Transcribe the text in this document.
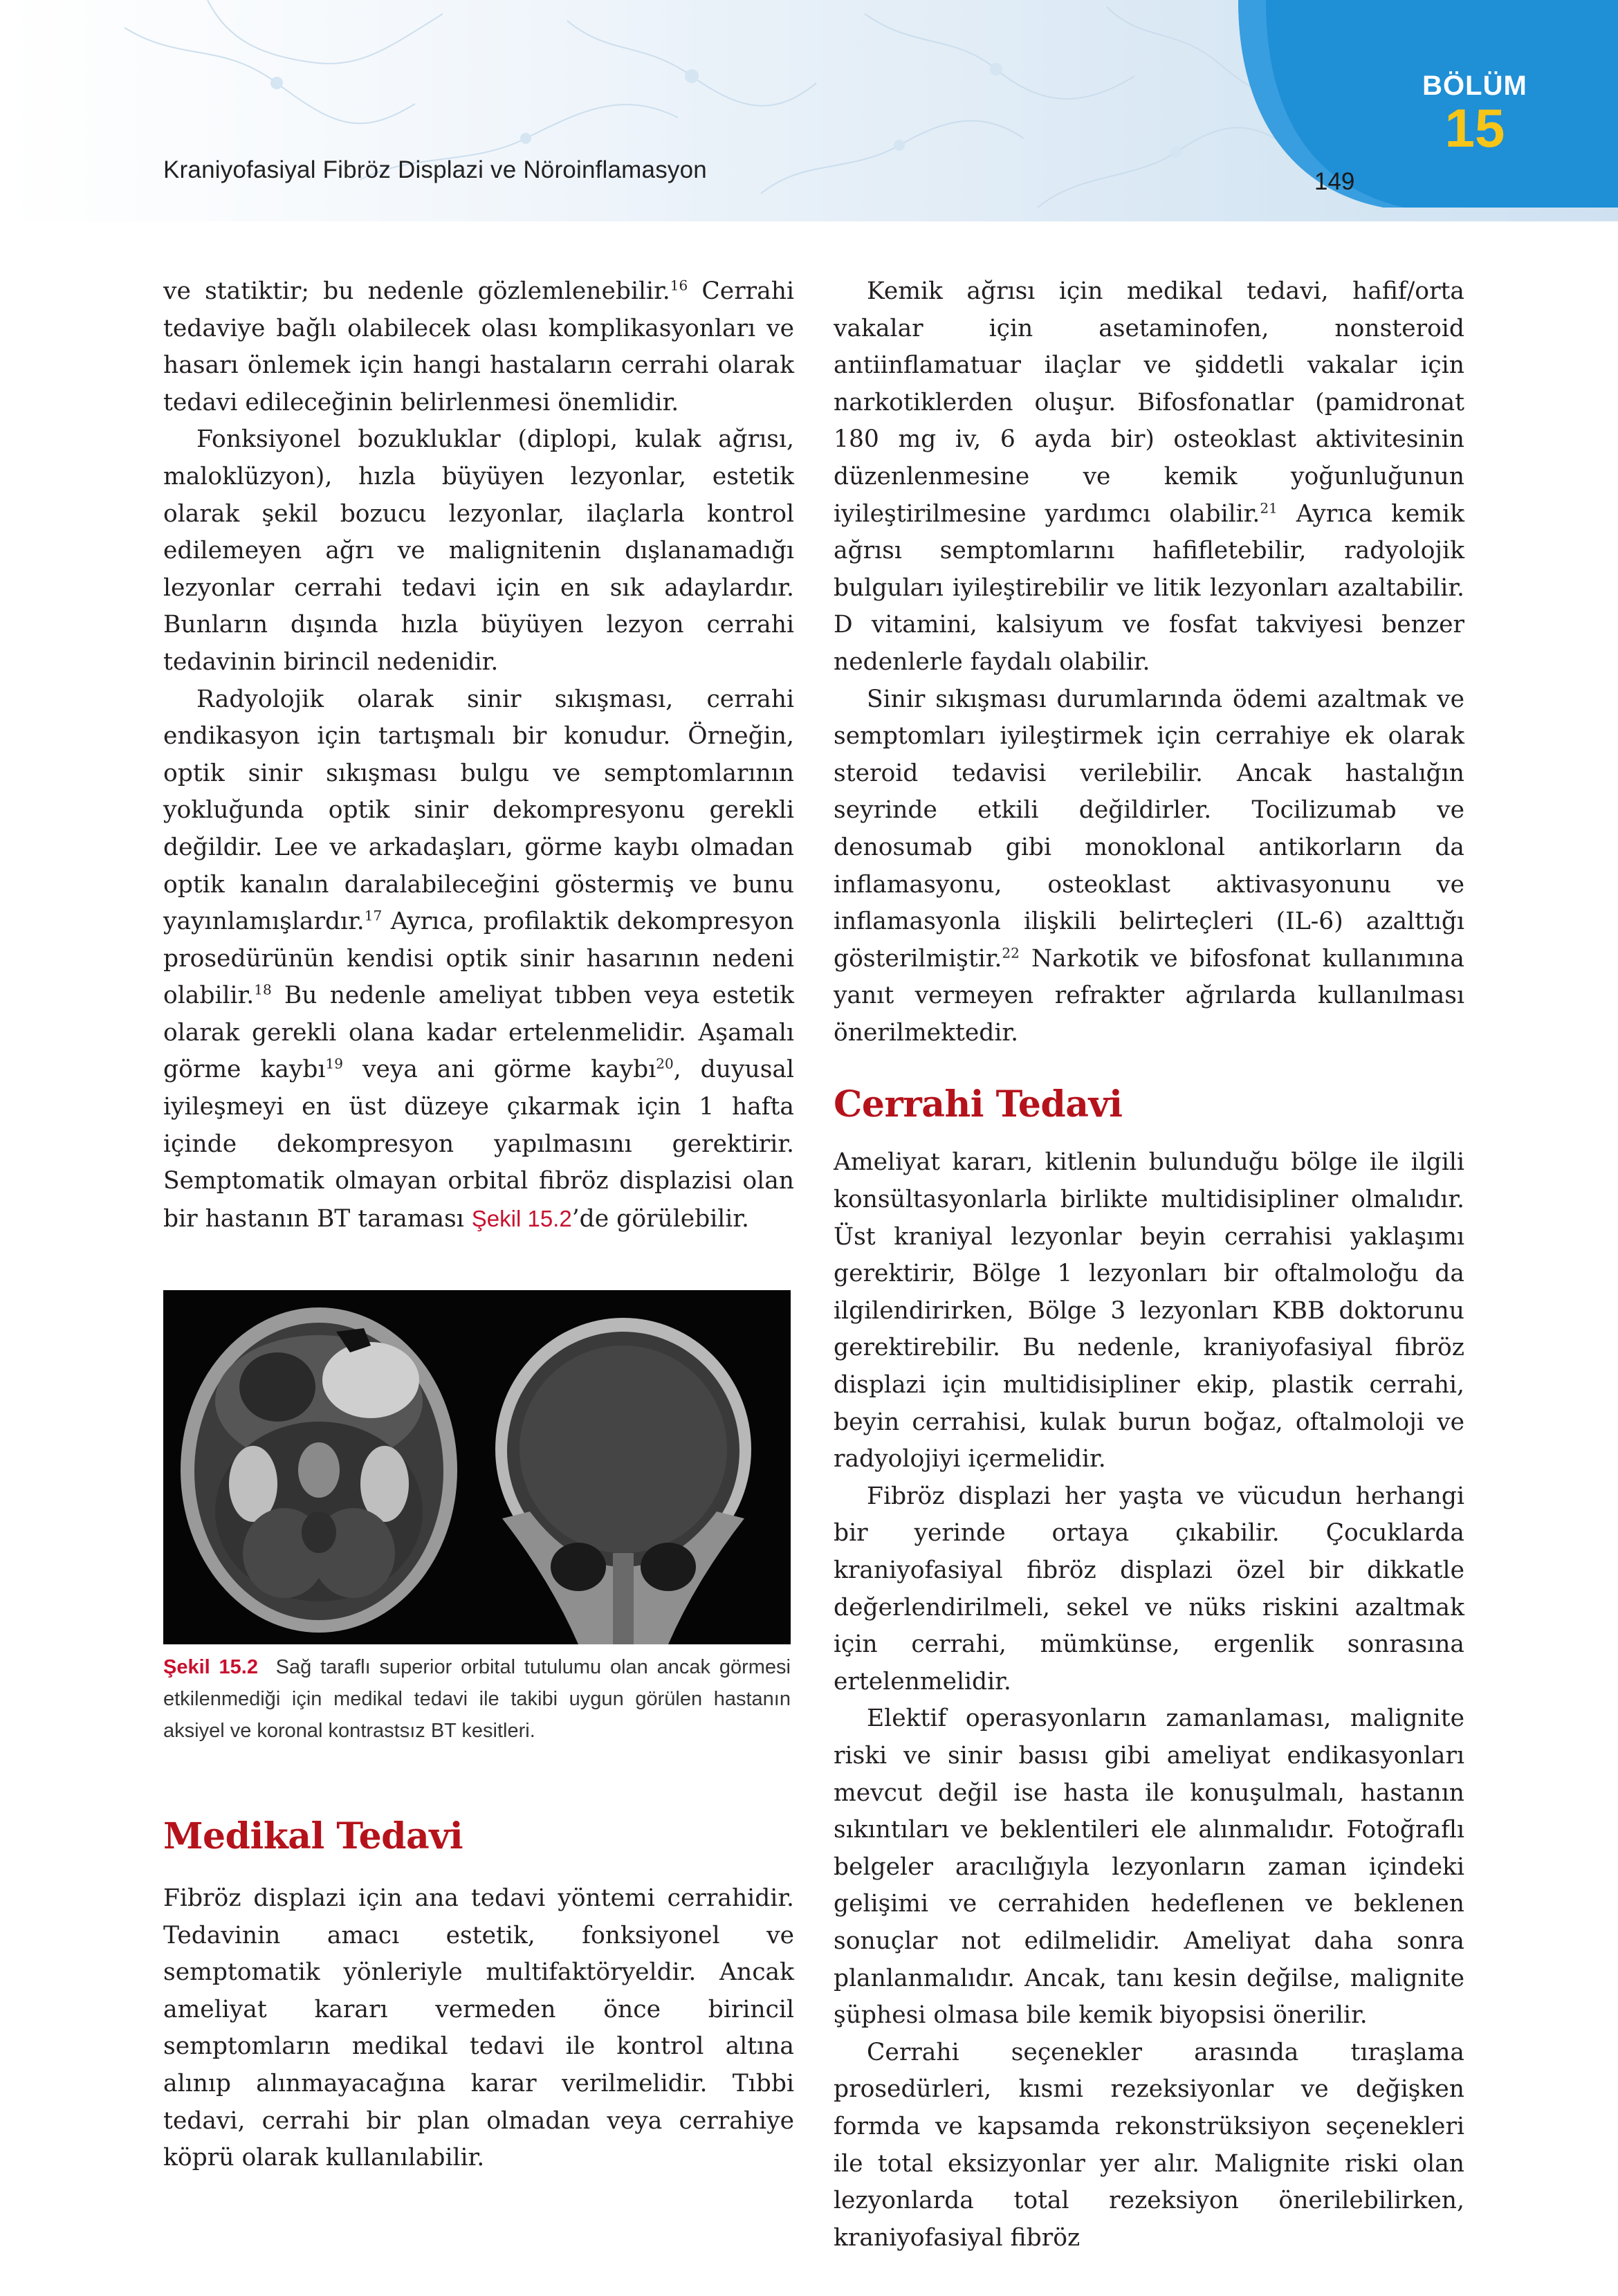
Kraniyofasiyal Fibröz Displazi ve Nöroinflamasyon	149
BÖLÜM
15

ve statiktir; bu nedenle gözlemlenebilir.$^{16}$ Cerrahi tedaviye bağlı olabilecek olası komplikasyonları ve hasarı önlemek için hangi hastaların cerrahi olarak tedavi edileceğinin belirlenmesi önemlidir.

Fonksiyonel bozukluklar (diplopi, kulak ağrısı, maloklüzyon), hızla büyüyen lezyonlar, estetik olarak şekil bozucu lezyonlar, ilaçlarla kontrol edilemeyen ağrı ve malignitenin dışlanamadığı lezyonlar cerrahi tedavi için en sık adaylardır. Bunların dışında hızla büyüyen lezyon cerrahi tedavinin birincil nedenidir.

Radyolojik olarak sinir sıkışması, cerrahi endikasyon için tartışmalı bir konudur. Örneğin, optik sinir sıkışması bulgu ve semptomlarının yokluğunda optik sinir dekompresyonu gerekli değildir. Lee ve arkadaşları, görme kaybı olmadan optik kanalın daralabileceğini göstermiş ve bunu yayınlamışlardır.$^{17}$ Ayrıca, profilaktik dekompresyon prosedürünün kendisi optik sinir hasarının nedeni olabilir.$^{18}$ Bu nedenle ameliyat tıbben veya estetik olarak gerekli olana kadar ertelenmelidir. Aşamalı görme kaybı$^{19}$ veya ani görme kaybı$^{20}$, duyusal iyileşmeyi en üst düzeye çıkarmak için 1 hafta içinde dekompresyon yapılmasını gerektirir. Semptomatik olmayan orbital fibröz displazisi olan bir hastanın BT taraması Şekil 15.2’de görülebilir.

Şekil 15.2 Sağ taraflı superior orbital tutulumu olan ancak görmesi etkilenmediği için medikal tedavi ile takibi uygun görülen hastanın aksiyel ve koronal kontrastsız BT kesitleri.
Medikal Tedavi

Fibröz displazi için ana tedavi yöntemi cerrahidir. Tedavinin amacı estetik, fonksiyonel ve semptomatik yönleriyle multifaktöryeldir. Ancak ameliyat kararı vermeden önce birincil semptomların medikal tedavi ile kontrol altına alınıp alınmayacağına karar verilmelidir. Tıbbi tedavi, cerrahi bir plan olmadan veya cerrahiye köprü olarak kullanılabilir.

Kemik ağrısı için medikal tedavi, hafif/orta vakalar için asetaminofen, nonsteroid antiinflamatuar ilaçlar ve şiddetli vakalar için narkotiklerden oluşur. Bifosfonatlar (pamidronat 180 mg iv, 6 ayda bir) osteoklast aktivitesinin düzenlenmesine ve kemik yoğunluğunun iyileştirilmesine yardımcı olabilir.$^{21}$ Ayrıca kemik ağrısı semptomlarını hafifletebilir, radyolojik bulguları iyileştirebilir ve litik lezyonları azaltabilir. D vitamini, kalsiyum ve fosfat takviyesi benzer nedenlerle faydalı olabilir.

Sinir sıkışması durumlarında ödemi azaltmak ve semptomları iyileştirmek için cerrahiye ek olarak steroid tedavisi verilebilir. Ancak hastalığın seyrinde etkili değildirler. Tocilizumab ve denosumab gibi monoklonal antikorların da inflamasyonu, osteoklast aktivasyonunu ve inflamasyonla ilişkili belirteçleri (IL-6) azalttığı gösterilmiştir.$^{22}$ Narkotik ve bifosfonat kullanımına yanıt vermeyen refrakter ağrılarda kullanılması önerilmektedir.

Cerrahi Tedavi

Ameliyat kararı, kitlenin bulunduğu bölge ile ilgili konsültasyonlarla birlikte multidisipliner olmalıdır. Üst kraniyal lezyonlar beyin cerrahisi yaklaşımı gerektirir, Bölge 1 lezyonları bir oftalmoloğu da ilgilendirirken, Bölge 3 lezyonları KBB doktorunu gerektirebilir. Bu nedenle, kraniyofasiyal fibröz displazi için multidisipliner ekip, plastik cerrahi, beyin cerrahisi, kulak burun boğaz, oftalmoloji ve radyolojiyi içermelidir.

Fibröz displazi her yaşta ve vücudun herhangi bir yerinde ortaya çıkabilir. Çocuklarda kraniyofasiyal fibröz displazi özel bir dikkatle değerlendirilmeli, sekel ve nüks riskini azaltmak için cerrahi, mümkünse, ergenlik sonrasına ertelenmelidir.

Elektif operasyonların zamanlaması, malignite riski ve sinir basısı gibi ameliyat endikasyonları mevcut değil ise hasta ile konuşulmalı, hastanın sıkıntıları ve beklentileri ele alınmalıdır. Fotoğraflı belgeler aracılığıyla lezyonların zaman içindeki gelişimi ve cerrahiden hedeflenen ve beklenen sonuçlar not edilmelidir. Ameliyat daha sonra planlanmalıdır. Ancak, tanı kesin değilse, malignite şüphesi olmasa bile kemik biyopsisi önerilir.

Cerrahi seçenekler arasında tıraşlama prosedürleri, kısmi rezeksiyonlar ve değişken formda ve kapsamda rekonstrüksiyon seçenekleri ile total eksizyonlar yer alır. Malignite riski olan lezyonlarda total rezeksiyon önerilebilirken, kraniyofasiyal fibröz
